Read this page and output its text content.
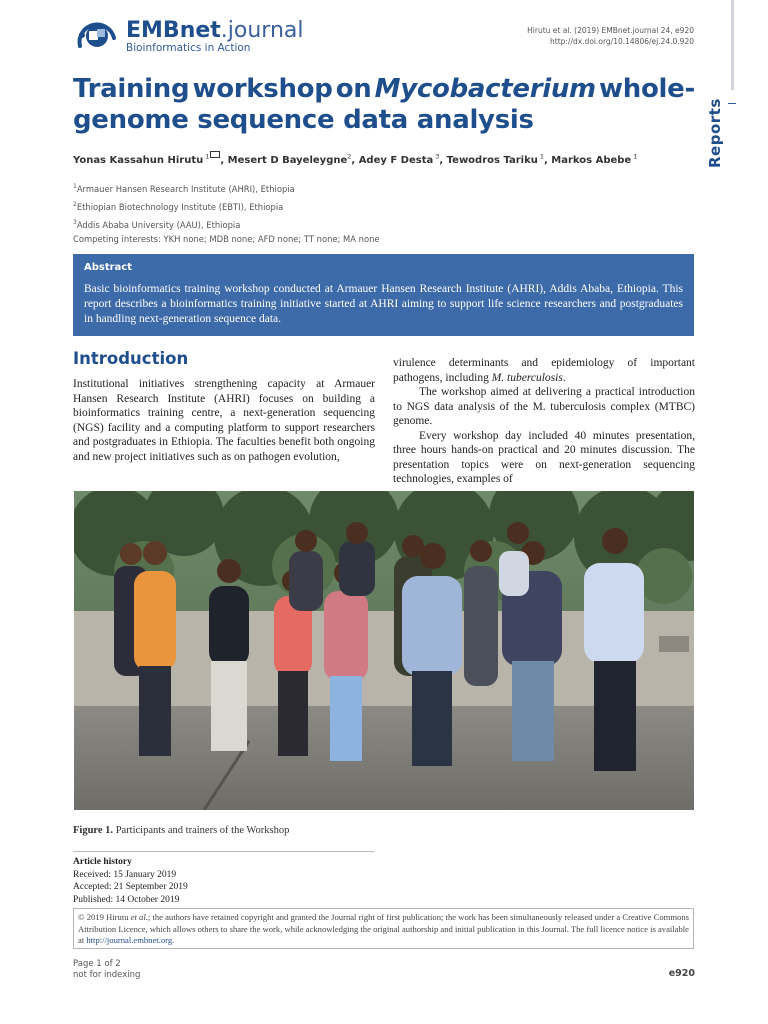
EMBnet.journal
Bioinformatics in Action
Hirutu et al. (2019) EMBnet.journal 24, e920
http://dx.doi.org/10.14806/ej.24.0.920
Reports
Training workshop on Mycobacterium whole-
genome sequence data analysis
Yonas Kassahun Hirutu  $^1$ , Mesert D Bayeleygne$^2$, Adey F Desta  $^3$, Tewodros Tariku  $^1$, Markos Abebe  $^1$
$^1$Armauer Hansen Research Institute (AHRI), Ethiopia
$^2$Ethiopian Biotechnology Institute (EBTI), Ethiopia
$^3$Addis Ababa University (AAU), Ethiopia
Competing interests: YKH none; MDB none; AFD none; TT none; MA none
Abstract
Basic bioinformatics training workshop conducted at Armauer Hansen Research Institute (AHRI), Addis Ababa, Ethiopia. This report describes a bioinformatics training initiative started at AHRI aiming to support life science researchers and postgraduates in handling next-generation sequence data.
Introduction

Institutional initiatives strengthening capacity at Armauer Hansen Research Institute (AHRI) focuses on building a bioinformatics training centre, a next-generation sequencing (NGS) facility and a computing platform to support researchers and postgraduates in Ethiopia. The faculties benefit both ongoing and new project initiatives such as on pathogen evolution,

virulence determinants and epidemiology of important pathogens, including M. tuberculosis.

The workshop aimed at delivering a practical introduction to NGS data analysis of the M. tuberculosis complex (MTBC) genome.

Every workshop day included 40 minutes presentation, three hours hands-on practical and 20 minutes discussion. The presentation topics were on next-generation sequencing technologies, examples of

Figure 1. Participants and trainers of the Workshop
Article history
Received: 15 January 2019
Accepted: 21 September 2019
Published: 14 October 2019
© 2019 Hirutu et al.; the authors have retained copyright and granted the Journal right of first publication; the work has been simultaneously released under a Creative Commons Attribution Licence, which allows others to share the work, while acknowledging the original authorship and initial publication in this Journal. The full licence notice is available at http://journal.embnet.org.
Page 1 of 2
not for indexing	e920
